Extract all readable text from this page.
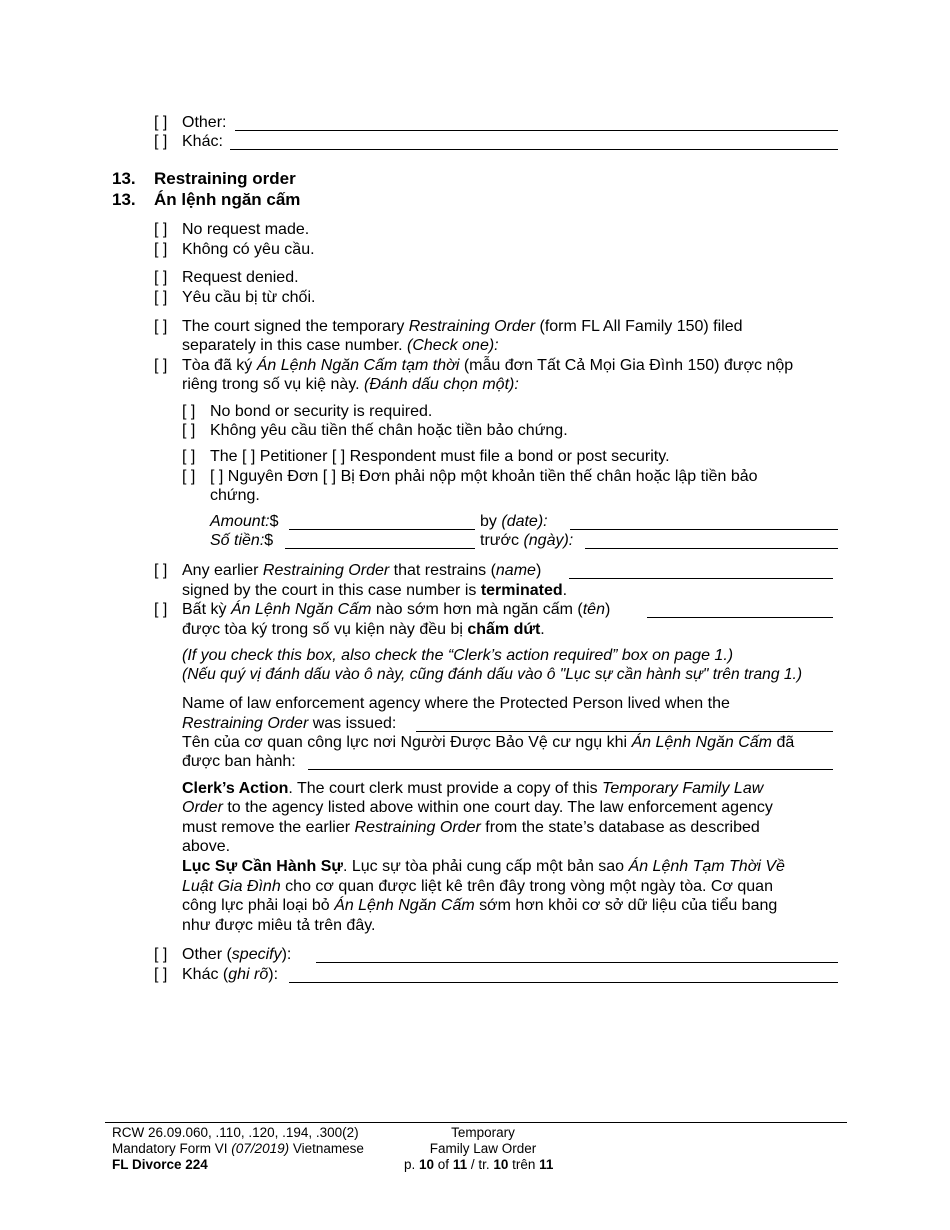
[ ] Other:
[ ] Khác:
13. Restraining order
13. Án lệnh ngăn cấm
[ ] No request made.
[ ] Không có yêu cầu.
[ ] Request denied.
[ ] Yêu cầu bị từ chối.
[ ] The court signed the temporary Restraining Order (form FL All Family 150) filed
separately in this case number. (Check one):
[ ] Tòa đã ký Án Lệnh Ngăn Cấm tạm thời (mẫu đơn Tất Cả Mọi Gia Đình 150) được nộp
riêng trong số vụ kiệ này. (Đánh dấu chọn một):
[ ] No bond or security is required.
[ ] Không yêu cầu tiền thế chân hoặc tiền bảo chứng.
[ ] The [ ] Petitioner [ ] Respondent must file a bond or post security.
[ ] [ ] Nguyên Đơn [ ] Bị Đơn phải nộp một khoản tiền thế chân hoặc lập tiền bảo
chứng.
Amount:$	by (date):
Số tiền:$	trước (ngày):
[ ] Any earlier Restraining Order that restrains (name)
signed by the court in this case number is terminated.
[ ] Bất kỳ Án Lệnh Ngăn Cấm nào sớm hơn mà ngăn cấm (tên)
được tòa ký trong số vụ kiện này đều bị chấm dứt.
(If you check this box, also check the “Clerk’s action required” box on page 1.)
(Nếu quý vị đánh dấu vào ô này, cũng đánh dấu vào ô "Lục sự cần hành sự" trên trang 1.)
Name of law enforcement agency where the Protected Person lived when the
Restraining Order was issued:
Tên của cơ quan công lực nơi Người Được Bảo Vệ cư ngụ khi Án Lệnh Ngăn Cấm đã
được ban hành:
Clerk’s Action. The court clerk must provide a copy of this Temporary Family Law
Order to the agency listed above within one court day. The law enforcement agency
must remove the earlier Restraining Order from the state’s database as described
above.
Lục Sự Cần Hành Sự. Lục sự tòa phải cung cấp một bản sao Án Lệnh Tạm Thời Về
Luật Gia Đình cho cơ quan được liệt kê trên đây trong vòng một ngày tòa. Cơ quan
công lực phải loại bỏ Án Lệnh Ngăn Cấm sớm hơn khỏi cơ sở dữ liệu của tiểu bang
như được miêu tả trên đây.
[ ] Other (specify):
[ ] Khác (ghi rõ):
RCW 26.09.060, .110, .120, .194, .300(2)
Mandatory Form VI (07/2019) Vietnamese
FL Divorce 224
Temporary
Family Law Order
p. 10 of 11 / tr. 10 trên 11
